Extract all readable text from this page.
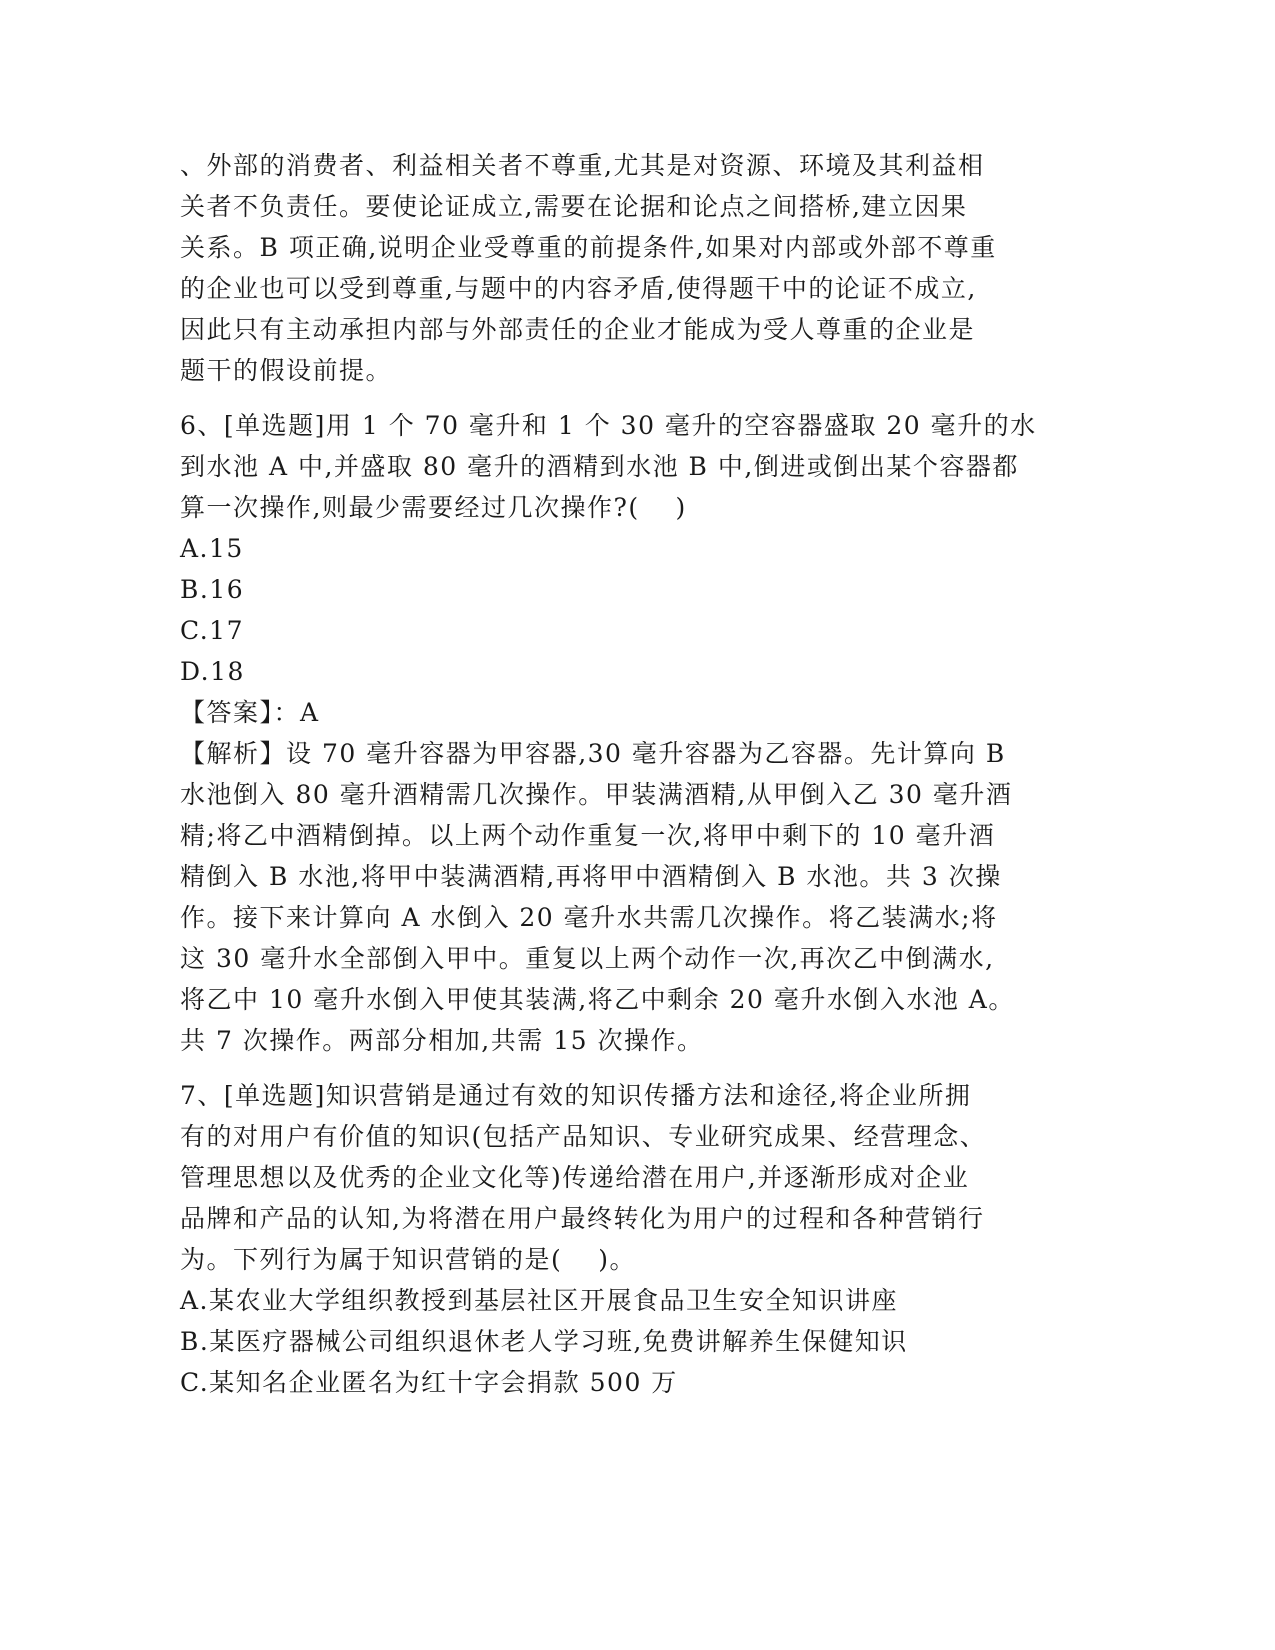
、外部的消费者、利益相关者不尊重,尤其是对资源、环境及其利益相
关者不负责任。要使论证成立,需要在论据和论点之间搭桥,建立因果
关系。B 项正确,说明企业受尊重的前提条件,如果对内部或外部不尊重
的企业也可以受到尊重,与题中的内容矛盾,使得题干中的论证不成立,
因此只有主动承担内部与外部责任的企业才能成为受人尊重的企业是
题干的假设前提。
6、[单选题]用 1 个 70 毫升和 1 个 30 毫升的空容器盛取 20 毫升的水
到水池 A 中,并盛取 80 毫升的酒精到水池 B 中,倒进或倒出某个容器都
算一次操作,则最少需要经过几次操作?(　 )
A.15
B.16
C.17
D.18
【答案】：A
【解析】设 70 毫升容器为甲容器,30 毫升容器为乙容器。先计算向 B
水池倒入 80 毫升酒精需几次操作。甲装满酒精,从甲倒入乙 30 毫升酒
精;将乙中酒精倒掉。以上两个动作重复一次,将甲中剩下的 10 毫升酒
精倒入 B 水池,将甲中装满酒精,再将甲中酒精倒入 B 水池。共 3 次操
作。接下来计算向 A 水倒入 20 毫升水共需几次操作。将乙装满水;将
这 30 毫升水全部倒入甲中。重复以上两个动作一次,再次乙中倒满水,
将乙中 10 毫升水倒入甲使其装满,将乙中剩余 20 毫升水倒入水池 A。
共 7 次操作。两部分相加,共需 15 次操作。
7、[单选题]知识营销是通过有效的知识传播方法和途径,将企业所拥
有的对用户有价值的知识(包括产品知识、专业研究成果、经营理念、
管理思想以及优秀的企业文化等)传递给潜在用户,并逐渐形成对企业
品牌和产品的认知,为将潜在用户最终转化为用户的过程和各种营销行
为。下列行为属于知识营销的是(　 )。
A.某农业大学组织教授到基层社区开展食品卫生安全知识讲座
B.某医疗器械公司组织退休老人学习班,免费讲解养生保健知识
C.某知名企业匿名为红十字会捐款 500 万
